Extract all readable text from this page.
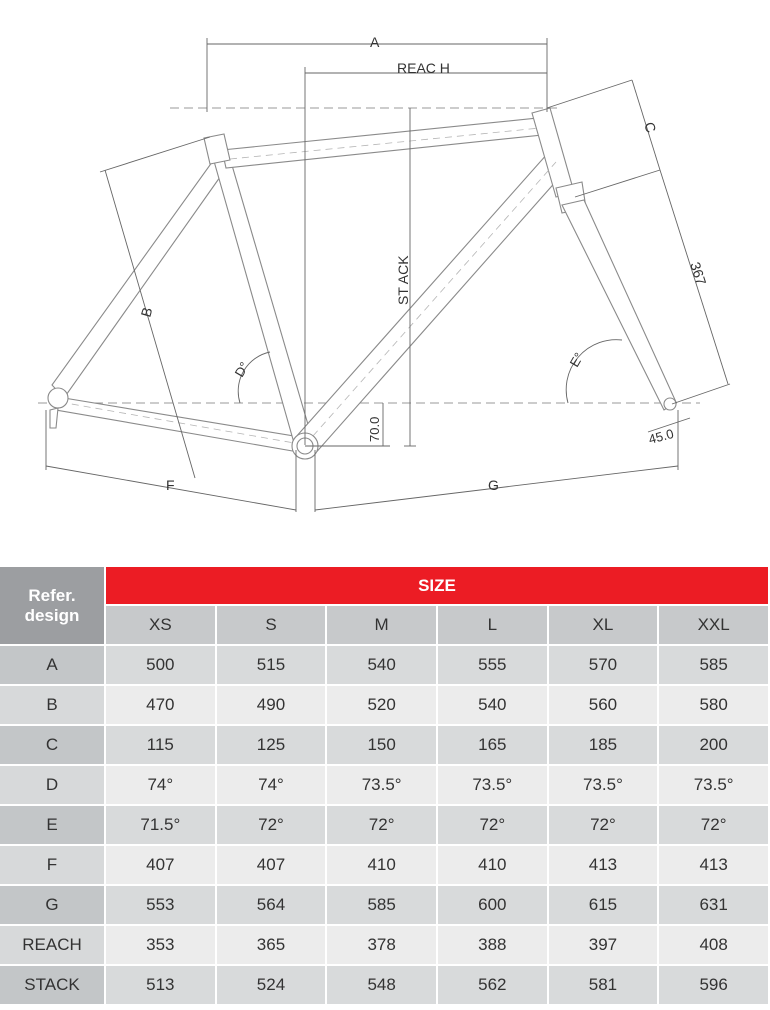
A
REAC H
C
367
B
ST ACK
D°	E°
70.0	45.0
F	G
Refer.
design	SIZE					
	XS	S	M	L	XL	XXL
A	500	515	540	555	570	585
B	470	490	520	540	560	580
C	115	125	150	165	185	200
D	74°	74°	73.5°	73.5°	73.5°	73.5°
E	71.5°	72°	72°	72°	72°	72°
F	407	407	410	410	413	413
G	553	564	585	600	615	631
REACH	353	365	378	388	397	408
STACK	513	524	548	562	581	596
